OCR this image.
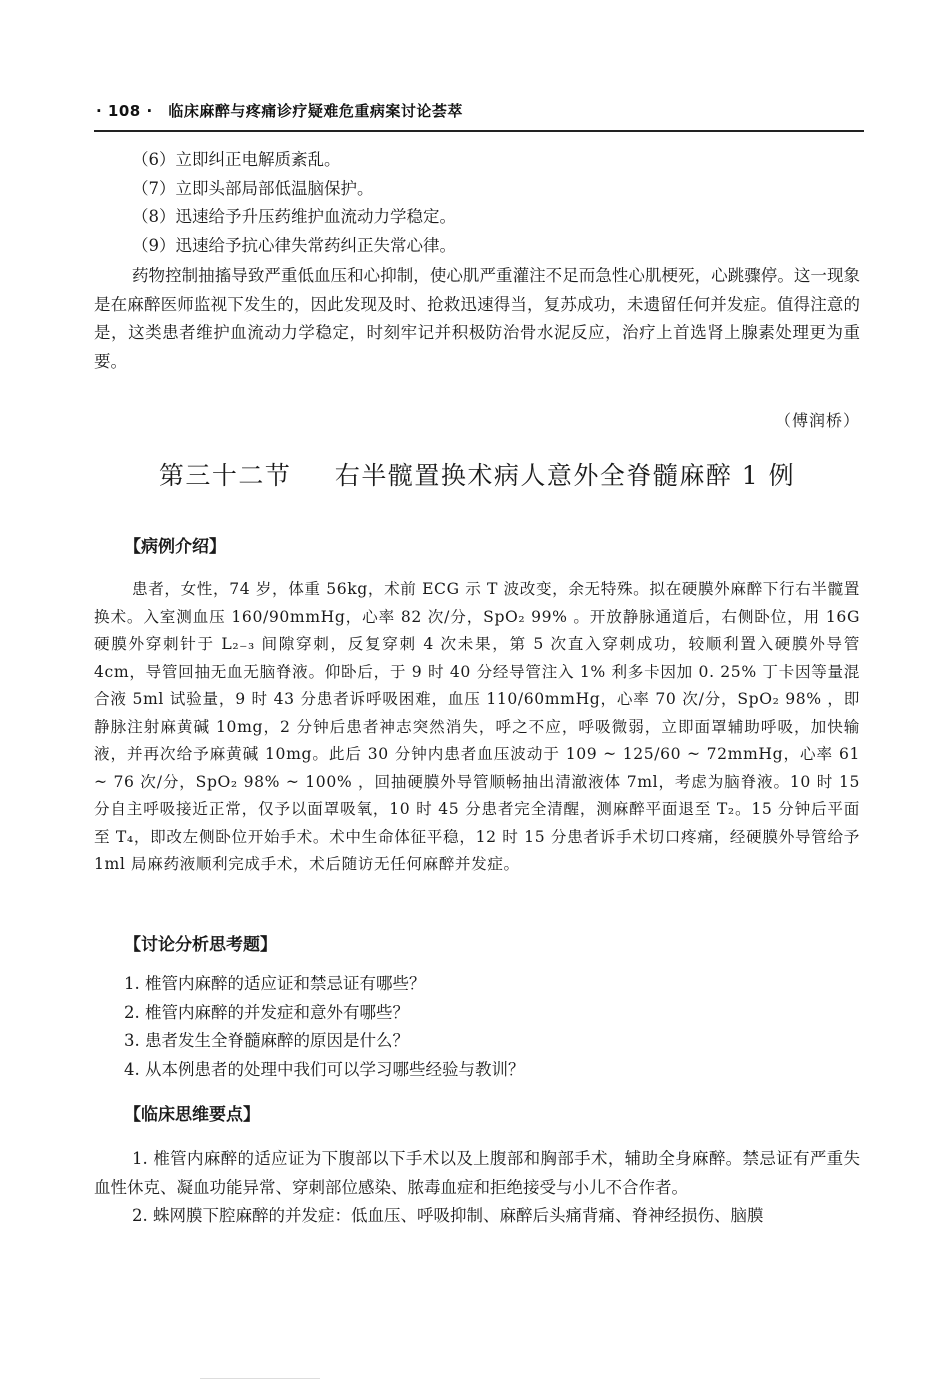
· 108 · 临床麻醉与疼痛诊疗疑难危重病案讨论荟萃
（6）立即纠正电解质紊乱。
（7）立即头部局部低温脑保护。
（8）迅速给予升压药维护血流动力学稳定。
（9）迅速给予抗心律失常药纠正失常心律。
药物控制抽搐导致严重低血压和心抑制，使心肌严重灌注不足而急性心肌梗死，心跳骤停。这一现象是在麻醉医师监视下发生的，因此发现及时、抢救迅速得当，复苏成功，未遗留任何并发症。值得注意的是，这类患者维护血流动力学稳定，时刻牢记并积极防治骨水泥反应，治疗上首选肾上腺素处理更为重要。
（傅润桥）
第三十二节 右半髋置换术病人意外全脊髓麻醉 1 例
【病例介绍】
患者，女性，74 岁，体重 56kg，术前 ECG 示 T 波改变，余无特殊。拟在硬膜外麻醉下行右半髋置换术。入室测血压 160/90mmHg，心率 82 次/分，SpO₂ 99% 。开放静脉通道后，右侧卧位，用 16G 硬膜外穿刺针于 L₂₋₃ 间隙穿刺，反复穿刺 4 次未果，第 5 次直入穿刺成功，较顺利置入硬膜外导管 4cm，导管回抽无血无脑脊液。仰卧后，于 9 时 40 分经导管注入 1% 利多卡因加 0. 25% 丁卡因等量混合液 5ml 试验量，9 时 43 分患者诉呼吸困难，血压 110/60mmHg，心率 70 次/分，SpO₂ 98% ，即静脉注射麻黄碱 10mg，2 分钟后患者神志突然消失，呼之不应，呼吸微弱，立即面罩辅助呼吸，加快输液，并再次给予麻黄碱 10mg。此后 30 分钟内患者血压波动于 109 ~ 125/60 ~ 72mmHg，心率 61 ~ 76 次/分，SpO₂ 98% ~ 100% ，回抽硬膜外导管顺畅抽出清澈液体 7ml，考虑为脑脊液。10 时 15 分自主呼吸接近正常，仅予以面罩吸氧，10 时 45 分患者完全清醒，测麻醉平面退至 T₂。15 分钟后平面至 T₄，即改左侧卧位开始手术。术中生命体征平稳，12 时 15 分患者诉手术切口疼痛，经硬膜外导管给予 1ml 局麻药液顺利完成手术，术后随访无任何麻醉并发症。
【讨论分析思考题】
1. 椎管内麻醉的适应证和禁忌证有哪些？
2. 椎管内麻醉的并发症和意外有哪些？
3. 患者发生全脊髓麻醉的原因是什么？
4. 从本例患者的处理中我们可以学习哪些经验与教训？
【临床思维要点】
1. 椎管内麻醉的适应证为下腹部以下手术以及上腹部和胸部手术，辅助全身麻醉。禁忌证有严重失血性休克、凝血功能异常、穿刺部位感染、脓毒血症和拒绝接受与小儿不合作者。
2. 蛛网膜下腔麻醉的并发症：低血压、呼吸抑制、麻醉后头痛背痛、脊神经损伤、脑膜
